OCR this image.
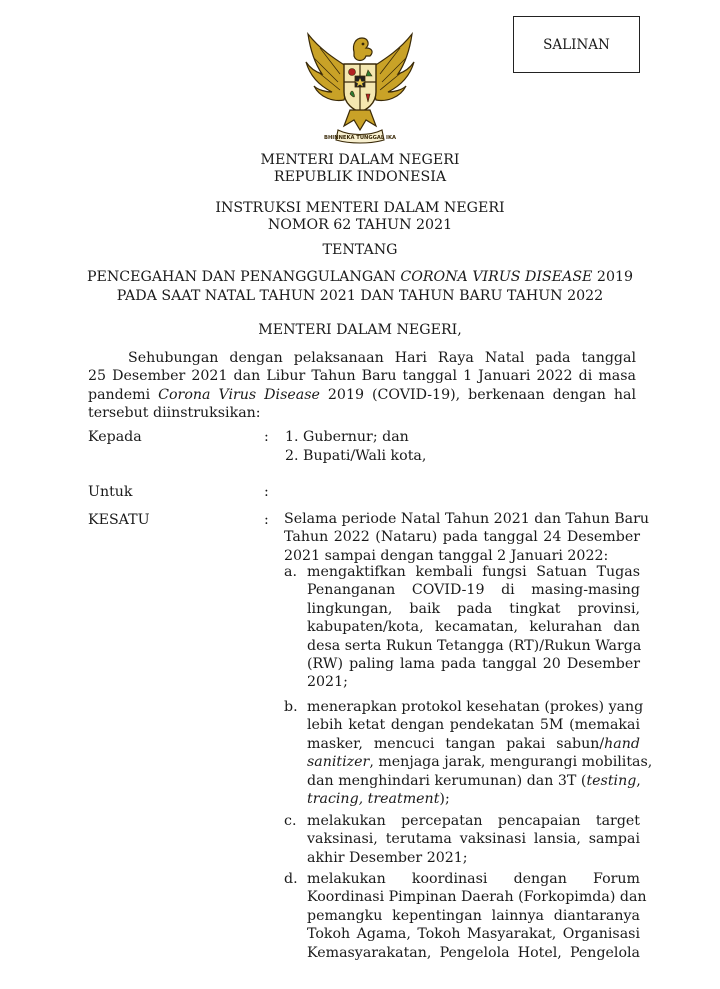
BHINNEKA TUNGGAL IKA
SALINAN
MENTERI DALAM NEGERI
REPUBLIK INDONESIA
INSTRUKSI MENTERI DALAM NEGERI
NOMOR 62 TAHUN 2021
TENTANG
PENCEGAHAN DAN PENANGGULANGAN CORONA VIRUS DISEASE 2019
PADA SAAT NATAL TAHUN 2021 DAN TAHUN BARU TAHUN 2022
MENTERI DALAM NEGERI,
Sehubungan dengan pelaksanaan Hari Raya Natal pada tanggal
25 Desember 2021 dan Libur Tahun Baru tanggal 1 Januari 2022 di masa
pandemi Corona Virus Disease 2019 (COVID-19), berkenaan dengan hal
tersebut diinstruksikan:
Kepada	: 1. Gubernur; dan
2. Bupati/Wali kota,
Untuk	:
KESATU	: Selama periode Natal Tahun 2021 dan Tahun Baru
Tahun 2022 (Nataru) pada tanggal 24 Desember
2021 sampai dengan tanggal 2 Januari 2022:
a. mengaktifkan kembali fungsi Satuan Tugas
Penanganan COVID-19 di masing-masing
lingkungan, baik pada tingkat provinsi,
kabupaten/kota, kecamatan, kelurahan dan
desa serta Rukun Tetangga (RT)/Rukun Warga
(RW) paling lama pada tanggal 20 Desember
2021;
b. menerapkan protokol kesehatan (prokes) yang
lebih ketat dengan pendekatan 5M (memakai
masker, mencuci tangan pakai sabun/hand
sanitizer, menjaga jarak, mengurangi mobilitas,
dan menghindari kerumunan) dan 3T (testing,
tracing, treatment);
c. melakukan percepatan pencapaian target
vaksinasi, terutama vaksinasi lansia, sampai
akhir Desember 2021;
d. melakukan koordinasi dengan Forum
Koordinasi Pimpinan Daerah (Forkopimda) dan
pemangku kepentingan lainnya diantaranya
Tokoh Agama, Tokoh Masyarakat, Organisasi
Kemasyarakatan, Pengelola Hotel, Pengelola
